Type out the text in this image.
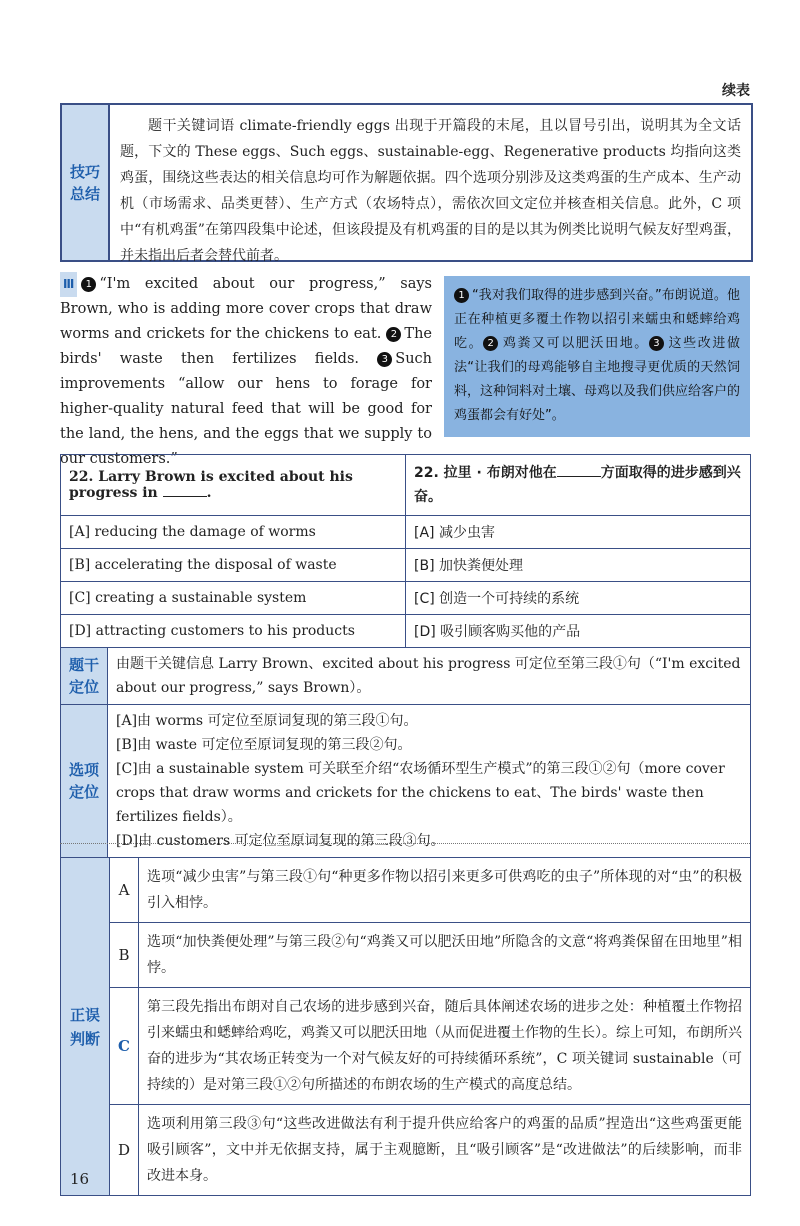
续表
技巧
总结
题干关键词语 climate-friendly eggs 出现于开篇段的末尾，且以冒号引出，说明其为全文话题，下文的 These eggs、Such eggs、sustainable-egg、Regenerative products 均指向这类鸡蛋，围绕这些表达的相关信息均可作为解题依据。四个选项分别涉及这类鸡蛋的生产成本、生产动机（市场需求、品类更替）、生产方式（农场特点），需依次回文定位并核查相关信息。此外，C 项中“有机鸡蛋”在第四段集中论述，但该段提及有机鸡蛋的目的是以其为例类比说明气候友好型鸡蛋，并未指出后者会替代前者。
Ⅲ 1 “I'm excited about our progress,” says Brown, who is adding more cover crops that draw worms and crickets for the chickens to eat. 2 The birds' waste then fertilizes fields. 3 Such improvements “allow our hens to forage for higher-quality natural feed that will be good for the land, the hens, and the eggs that we supply to our customers.”
1 “我对我们取得的进步感到兴奋。”布朗说道。他正在种植更多覆土作物以招引来蠕虫和蟋蟀给鸡吃。 2 鸡粪又可以肥沃田地。 3 这些改进做法“让我们的母鸡能够自主地搜寻更优质的天然饲料，这种饲料对土壤、母鸡以及我们供应给客户的鸡蛋都会有好处”。
22. Larry Brown is excited about his progress in	.	22. 拉里 · 布朗对他在	方面取得的进步感到兴奋。
[A] reducing the damage of worms	[A] 减少虫害
[B] accelerating the disposal of waste	[B] 加快粪便处理
[C] creating a sustainable system	[C] 创造一个可持续的系统
[D] attracting customers to his products	[D] 吸引顾客购买他的产品

题干
定位	由题干关键信息 Larry Brown、excited about his progress 可定位至第三段①句（“I'm excited about our progress,” says Brown）。

选项
定位	
[A]由 worms 可定位至原词复现的第三段①句。
[B]由 waste 可定位至原词复现的第三段②句。
[C]由 a sustainable system 可关联至介绍“农场循环型生产模式”的第三段①②句（more cover crops that draw worms and crickets for the chickens to eat、The birds' waste then fertilizes fields）。
[D]由 customers 可定位至原词复现的第三段③句。
正误
判断	A	选项“减少虫害”与第三段①句“种更多作物以招引来更多可供鸡吃的虫子”所体现的对“虫”的积极引入相悖。
	B	选项“加快粪便处理”与第三段②句“鸡粪又可以肥沃田地”所隐含的文意“将鸡粪保留在田地里”相悖。
	C	第三段先指出布朗对自己农场的进步感到兴奋，随后具体阐述农场的进步之处：种植覆土作物招引来蠕虫和蟋蟀给鸡吃，鸡粪又可以肥沃田地（从而促进覆土作物的生长）。综上可知，布朗所兴奋的进步为“其农场正转变为一个对气候友好的可持续循环系统”，C 项关键词 sustainable（可持续的）是对第三段①②句所描述的布朗农场的生产模式的高度总结。
	D	选项利用第三段③句“这些改进做法有利于提升供应给客户的鸡蛋的品质”捏造出“这些鸡蛋更能吸引顾客”，文中并无依据支持，属于主观臆断，且“吸引顾客”是“改进做法”的后续影响，而非改进本身。
16
